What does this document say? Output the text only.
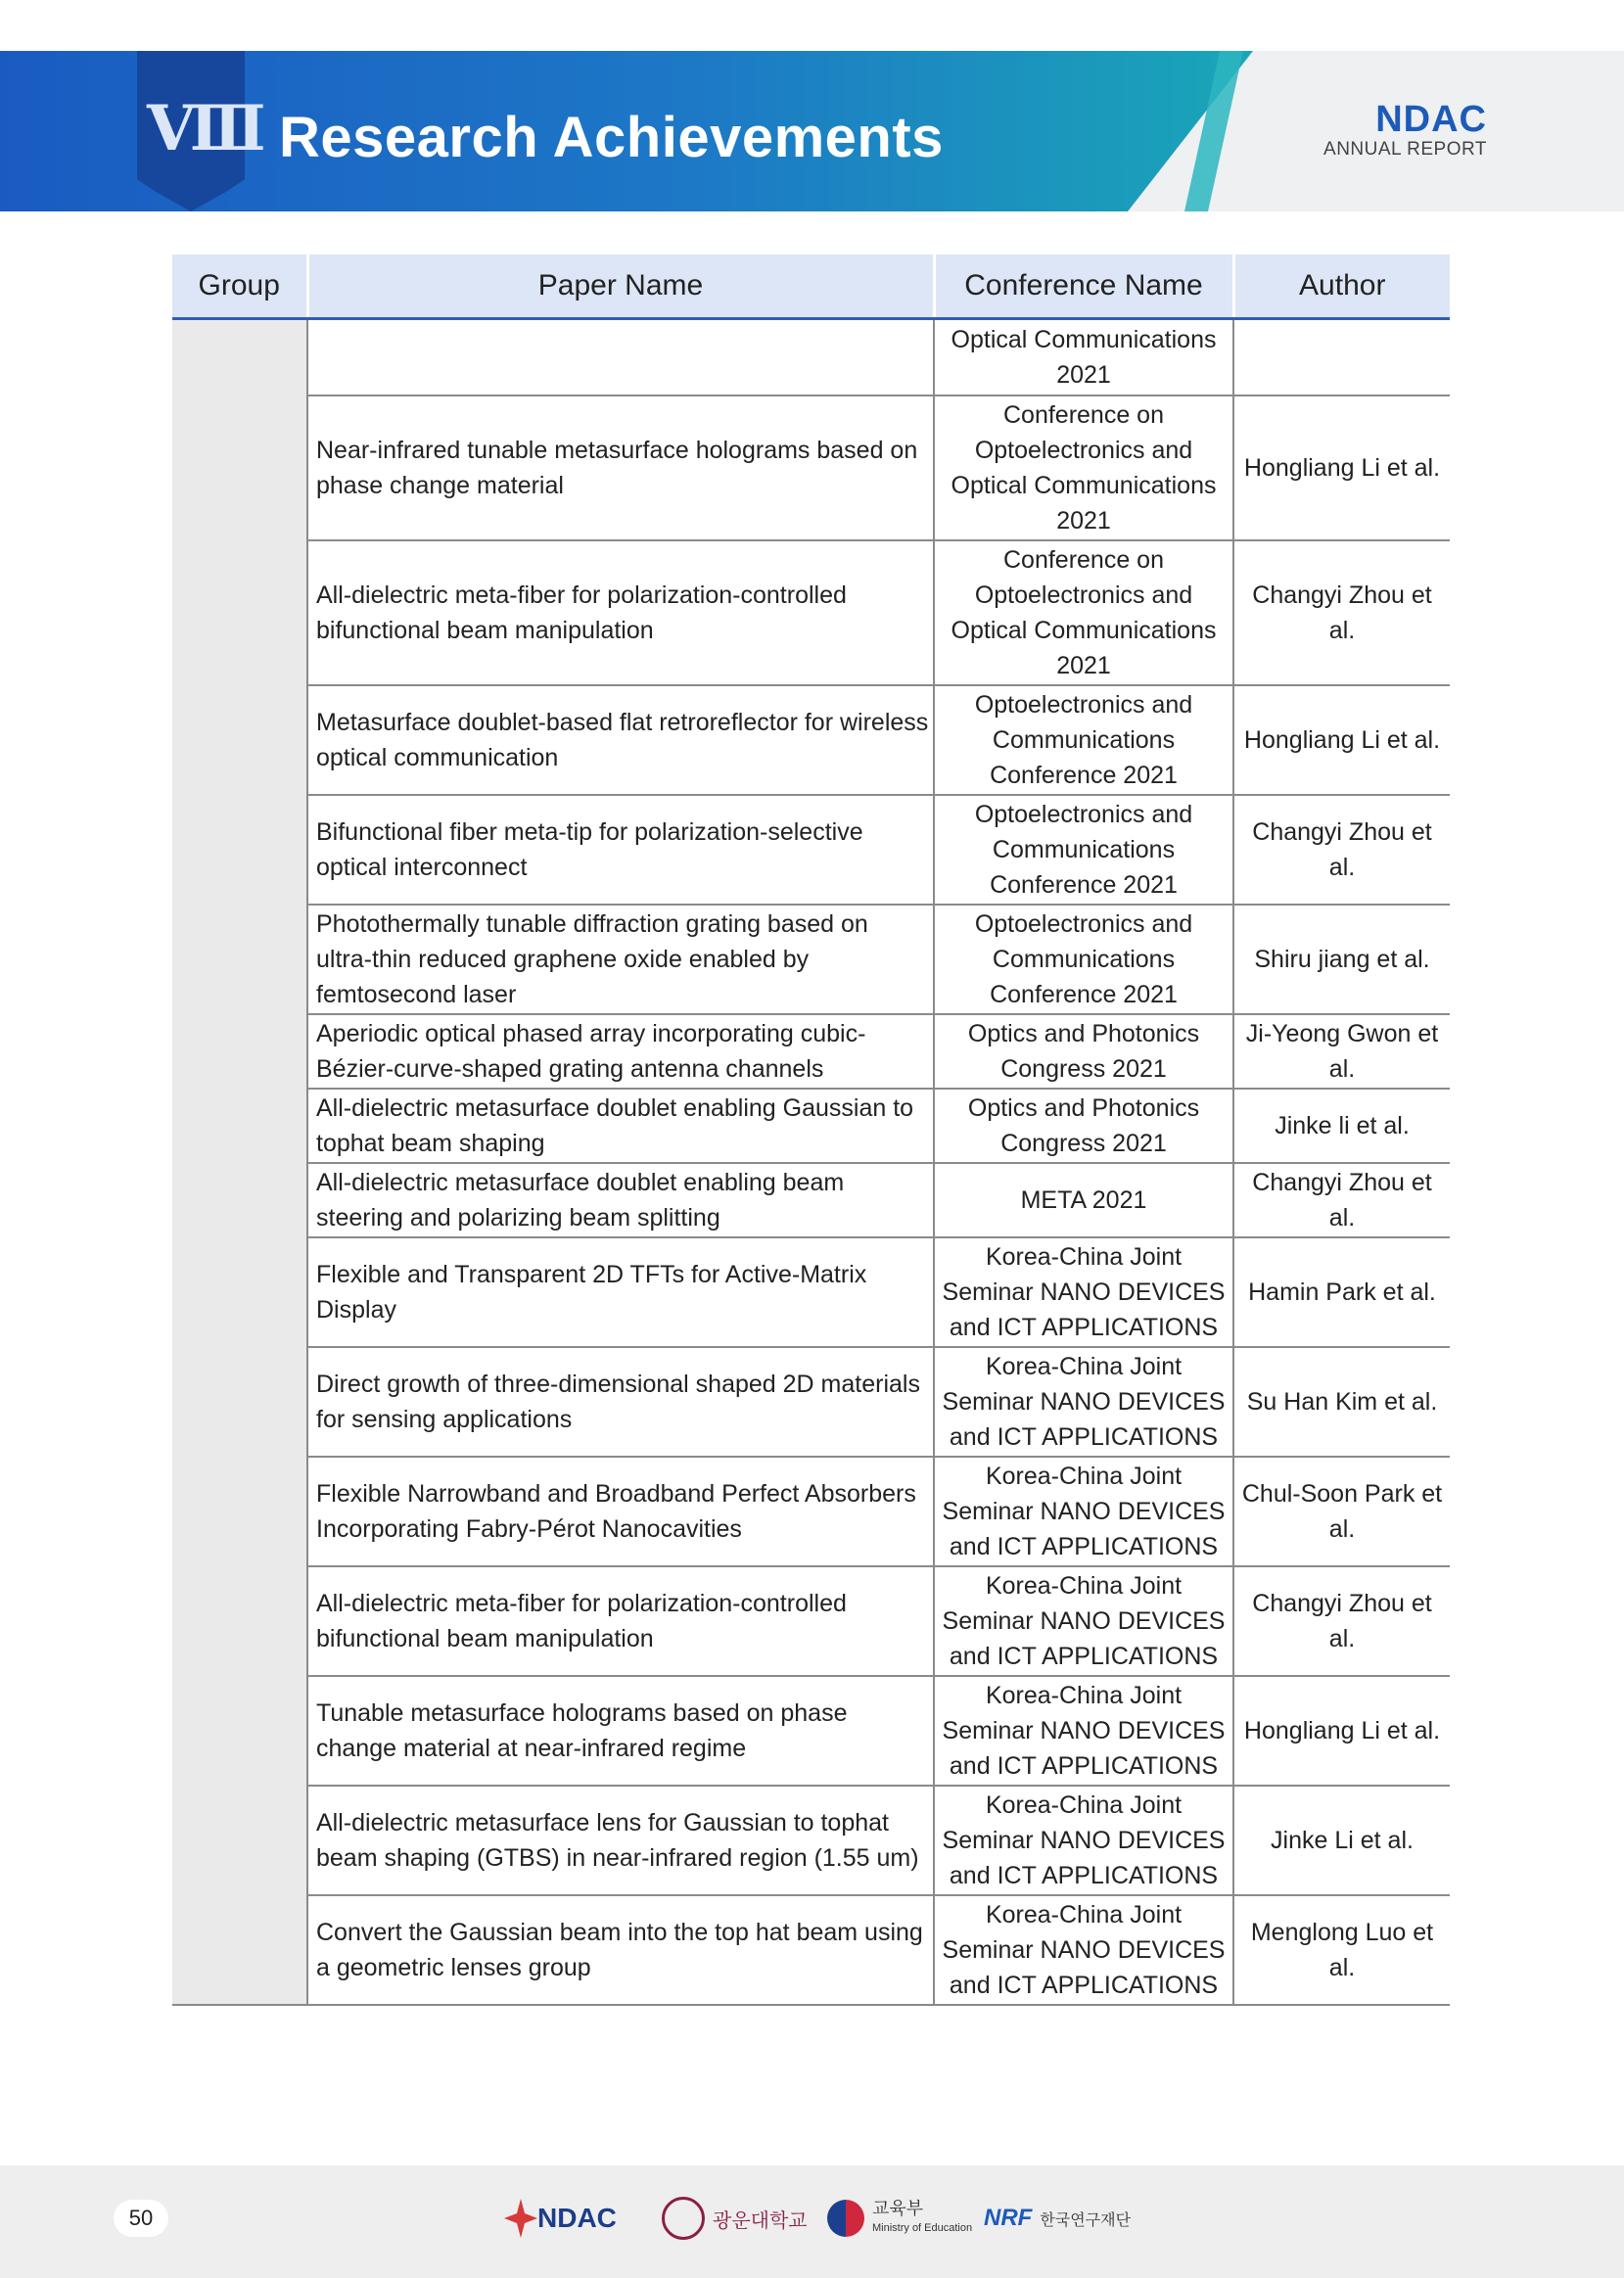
Ⅷ Research Achievements	NDAC
ANNUAL REPORT
Group	Paper Name	Conference Name	Author
		Optical Communications 2021	
	Near-infrared tunable metasurface holograms based on phase change material	Conference on Optoelectronics and Optical Communications 2021	Hongliang Li et al.
	All-dielectric meta-fiber for polarization-controlled bifunctional beam manipulation	Conference on Optoelectronics and Optical Communications 2021	Changyi Zhou et al.
	Metasurface doublet-based flat retroreflector for wireless optical communication	Optoelectronics and Communications Conference 2021	Hongliang Li et al.
	Bifunctional fiber meta-tip for polarization-selective optical interconnect	Optoelectronics and Communications Conference 2021	Changyi Zhou et al.
	Photothermally tunable diffraction grating based on ultra-thin reduced graphene oxide enabled by femtosecond laser	Optoelectronics and Communications Conference 2021	Shiru jiang et al.
	Aperiodic optical phased array incorporating cubic-Bézier-curve-shaped grating antenna channels	Optics and Photonics Congress 2021	Ji-Yeong Gwon et al.
	All-dielectric metasurface doublet enabling Gaussian to tophat beam shaping	Optics and Photonics Congress 2021	Jinke li et al.
	All-dielectric metasurface doublet enabling beam steering and polarizing beam splitting	META 2021	Changyi Zhou et al.
	Flexible and Transparent 2D TFTs for Active-Matrix Display	Korea-China Joint Seminar NANO DEVICES and ICT APPLICATIONS	Hamin Park et al.
	Direct growth of three-dimensional shaped 2D materials for sensing applications	Korea-China Joint Seminar NANO DEVICES and ICT APPLICATIONS	Su Han Kim et al.
	Flexible Narrowband and Broadband Perfect Absorbers Incorporating Fabry-Pérot Nanocavities	Korea-China Joint Seminar NANO DEVICES and ICT APPLICATIONS	Chul-Soon Park et al.
	All-dielectric meta-fiber for polarization-controlled bifunctional beam manipulation	Korea-China Joint Seminar NANO DEVICES and ICT APPLICATIONS	Changyi Zhou et al.
	Tunable metasurface holograms based on phase change material at near-infrared regime	Korea-China Joint Seminar NANO DEVICES and ICT APPLICATIONS	Hongliang Li et al.
	All-dielectric metasurface lens for Gaussian to tophat beam shaping (GTBS) in near-infrared region (1.55 um)	Korea-China Joint Seminar NANO DEVICES and ICT APPLICATIONS	Jinke Li et al.
	Convert the Gaussian beam into the top hat beam using a geometric lenses group	Korea-China Joint Seminar NANO DEVICES and ICT APPLICATIONS	Menglong Luo et al.
50	NDAC	광운대학교
교육부
Ministry of Education NRF 한국연구재단
